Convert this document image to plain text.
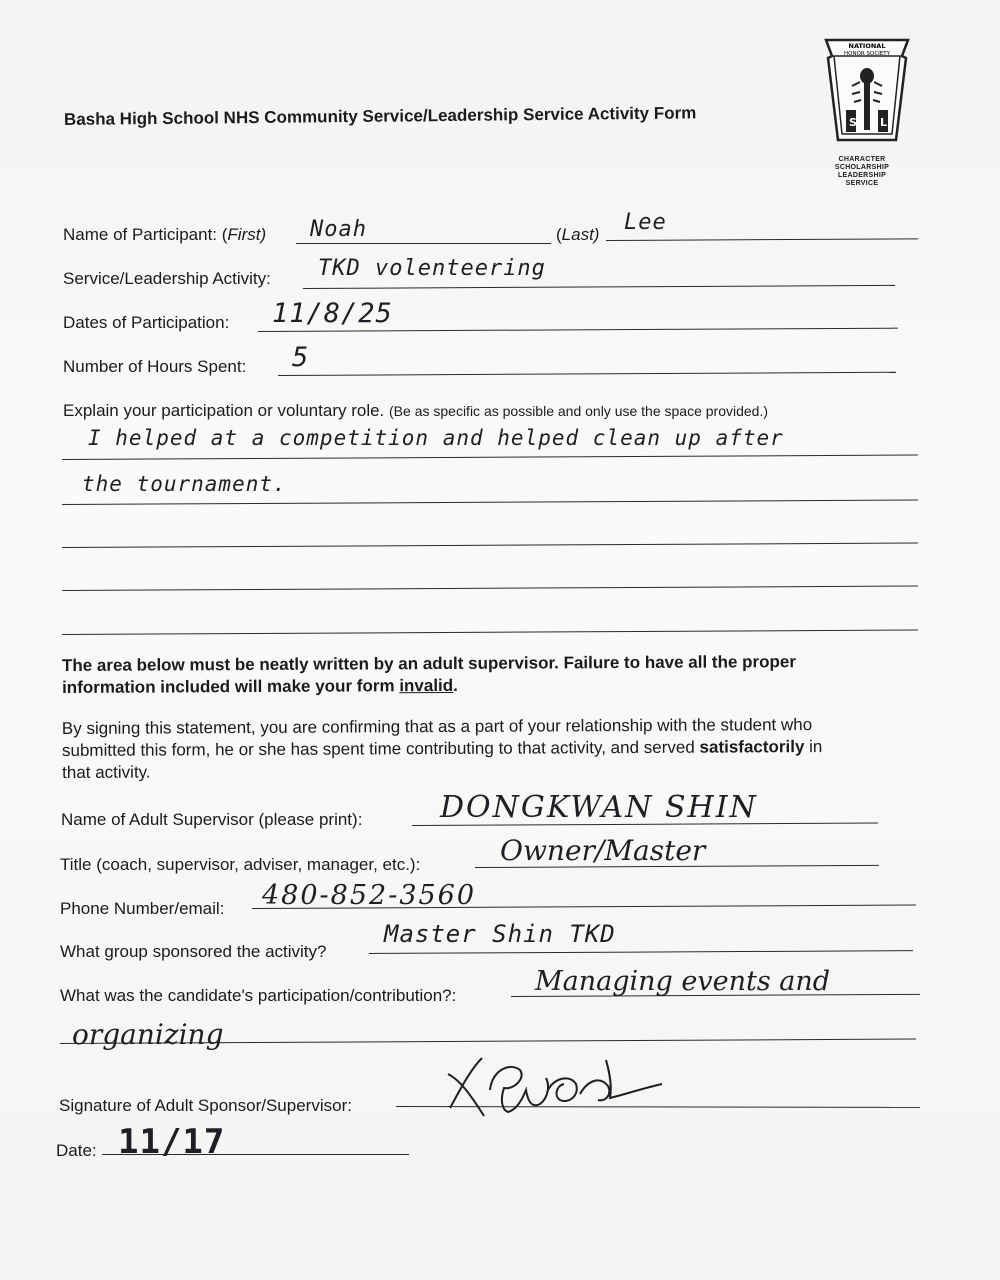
Basha High School NHS Community Service/Leadership Service Activity Form
NATIONAL
HONOR SOCIETY
S L
CHARACTER
SCHOLARSHIP
LEADERSHIP
SERVICE
Name of Participant: (First) Noah	(Last) Lee
Service/Leadership Activity: TKD volenteering
Dates of Participation: 11/8/25
Number of Hours Spent: 5
Explain your participation or voluntary role. (Be as specific as possible and only use the space provided.)
I helped at a competition and helped clean up after
the tournament.
The area below must be neatly written by an adult supervisor. Failure to have all the proper
information included will make your form invalid.
By signing this statement, you are confirming that as a part of your relationship with the student who
submitted this form, he or she has spent time contributing to that activity, and served satisfactorily in
that activity.
Name of Adult Supervisor (please print):	DONGKWAN SHIN
Title (coach, supervisor, adviser, manager, etc.):	Owner/Master
Phone Number/email: 480-852-3560
What group sponsored the activity?
Master Shin TKD
What was the candidate's participation/contribution?:	Managing events and
organizing
Signature of Adult Sponsor/Supervisor:
Date: 11/17
